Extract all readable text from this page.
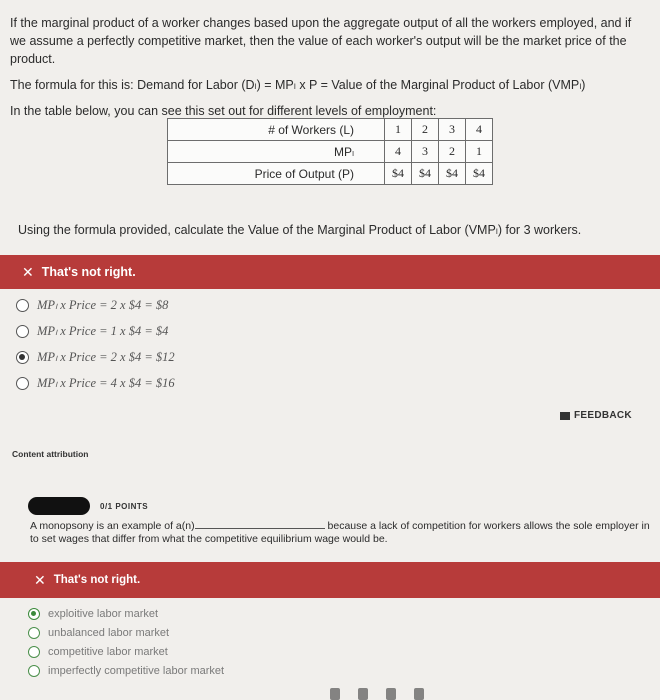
If the marginal product of a worker changes based upon the aggregate output of all the workers employed, and if we assume a perfectly competitive market, then the value of each worker's output will be the market price of the product.

The formula for this is: Demand for Labor (Dₗ) = MPₗ x P = Value of the Marginal Product of Labor (VMPₗ)

In the table below, you can see this set out for different levels of employment:

# of Workers (L)	1	2	3	4
MPₗ	4	3	2	1
Price of Output (P)	$4	$4	$4	$4
Using the formula provided, calculate the Value of the Marginal Product of Labor (VMPₗ) for 3 workers.
✕ That's not right.
MPₗ x Price = 2 x $4 = $8
MPₗ x Price = 1 x $4 = $4
MPₗ x Price = 2 x $4 = $12
MPₗ x Price = 4 x $4 = $16
FEEDBACK
Content attribution
0/1 POINTS
A monopsony is an example of a(n)	because a lack of competition for workers allows the sole employer in to set wages that differ from what the competitive equilibrium wage would be.
✕ That's not right.
exploitive labor market
unbalanced labor market
competitive labor market
imperfectly competitive labor market
